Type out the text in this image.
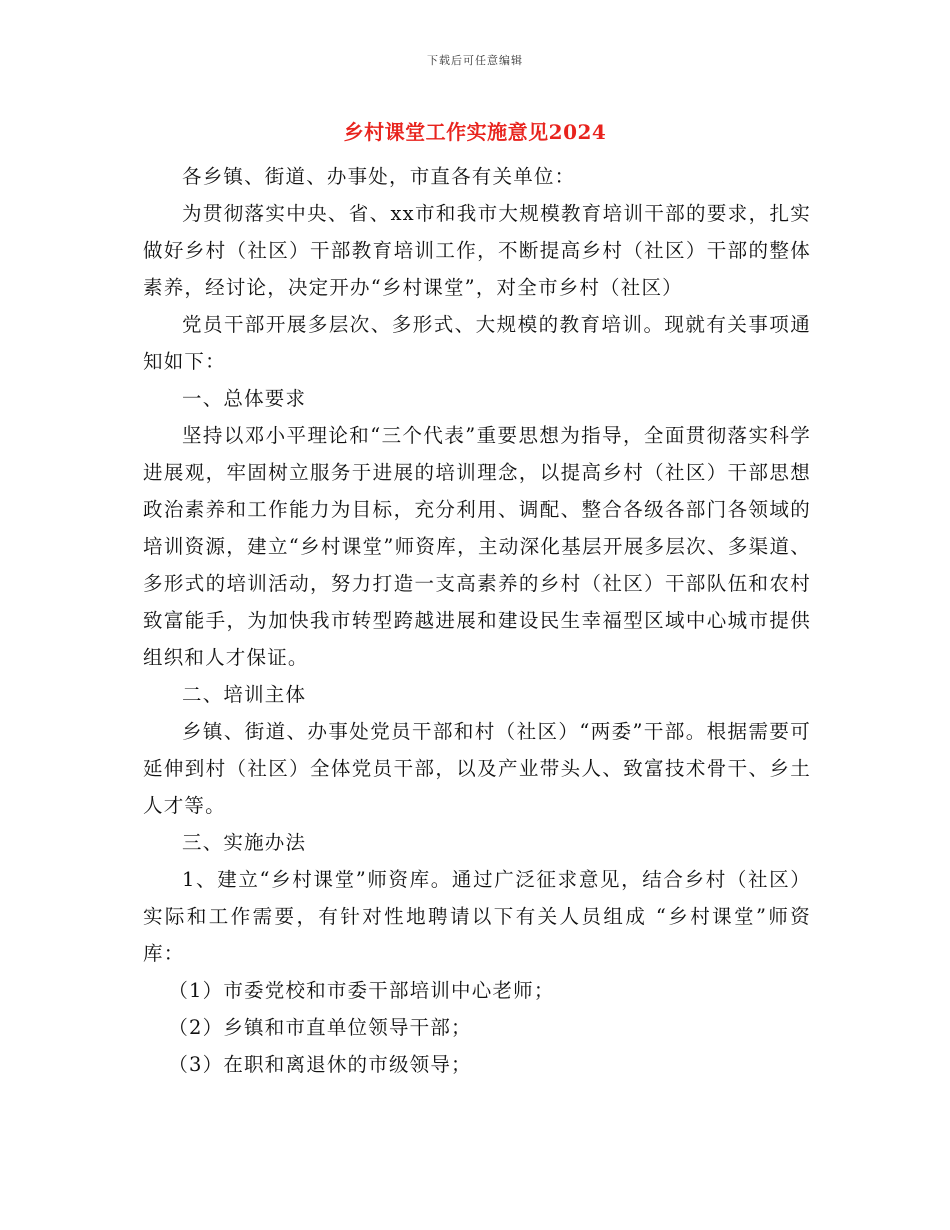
下载后可任意编辑
乡村课堂工作实施意见2024

各乡镇、街道、办事处，市直各有关单位：

为贯彻落实中央、省、xx市和我市大规模教育培训干部的要求，扎实做好乡村（社区）干部教育培训工作，不断提高乡村（社区）干部的整体素养，经讨论，决定开办“乡村课堂”，对全市乡村（社区）

党员干部开展多层次、多形式、大规模的教育培训。现就有关事项通知如下：

一、总体要求

坚持以邓小平理论和“三个代表”重要思想为指导，全面贯彻落实科学进展观，牢固树立服务于进展的培训理念，以提高乡村（社区）干部思想政治素养和工作能力为目标，充分利用、调配、整合各级各部门各领域的培训资源，建立“乡村课堂”师资库，主动深化基层开展多层次、多渠道、多形式的培训活动，努力打造一支高素养的乡村（社区）干部队伍和农村致富能手，为加快我市转型跨越进展和建设民生幸福型区域中心城市提供组织和人才保证。

二、培训主体

乡镇、街道、办事处党员干部和村（社区）“两委”干部。根据需要可延伸到村（社区）全体党员干部，以及产业带头人、致富技术骨干、乡土人才等。

三、实施办法

1、建立“乡村课堂”师资库。通过广泛征求意见，结合乡村（社区）实际和工作需要，有针对性地聘请以下有关人员组成 “乡村课堂”师资库：

（1）市委党校和市委干部培训中心老师；

（2）乡镇和市直单位领导干部；

（3）在职和离退休的市级领导；
